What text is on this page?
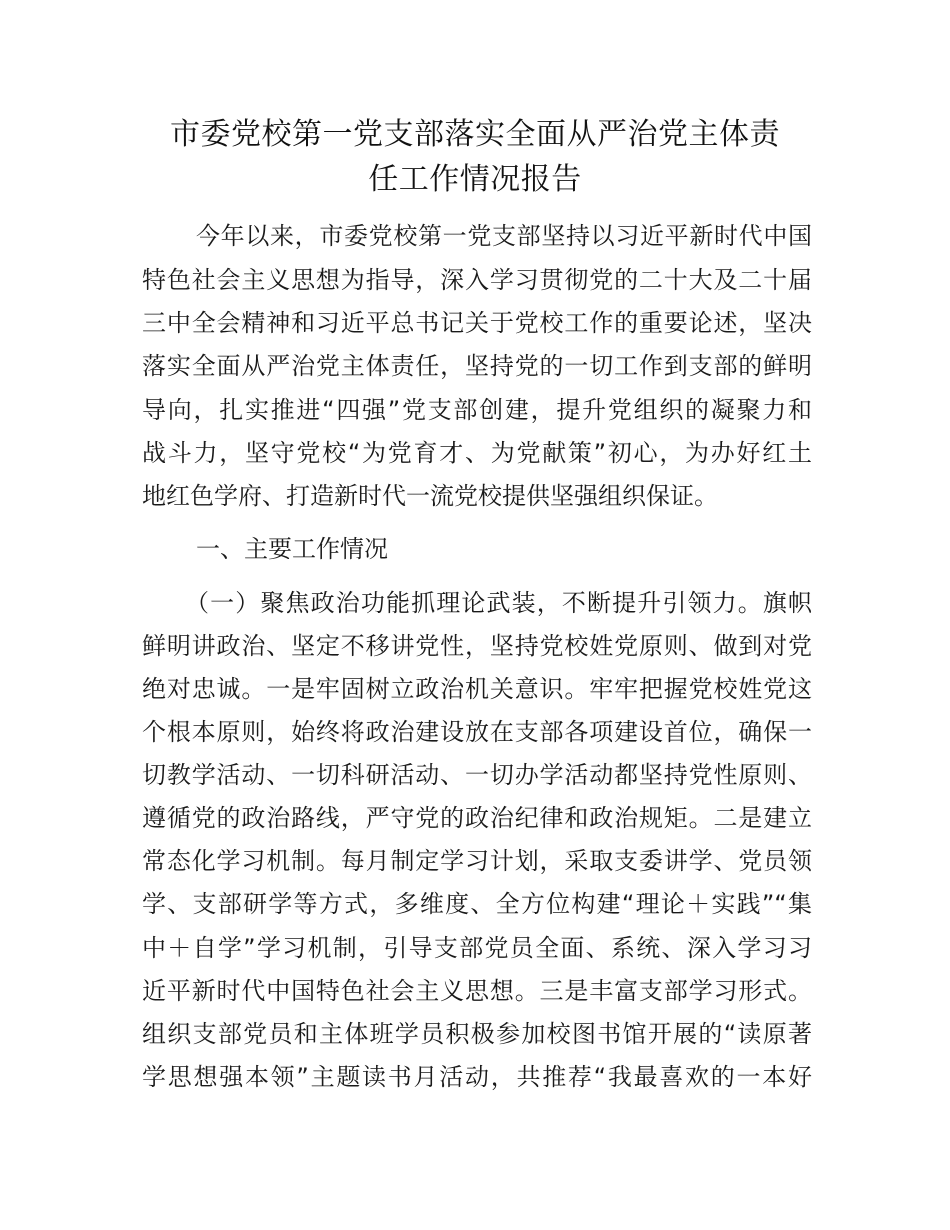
市委党校第一党支部落实全面从严治党主体责
任工作情况报告
今年以来，市委党校第一党支部坚持以习近平新时代中国
特色社会主义思想为指导，深入学习贯彻党的二十大及二十届
三中全会精神和习近平总书记关于党校工作的重要论述，坚决
落实全面从严治党主体责任，坚持党的一切工作到支部的鲜明
导向，扎实推进“四强”党支部创建，提升党组织的凝聚力和
战斗力，坚守党校“为党育才、为党献策”初心，为办好红土
地红色学府、打造新时代一流党校提供坚强组织保证。
一、主要工作情况
（一）聚焦政治功能抓理论武装，不断提升引领力。旗帜
鲜明讲政治、坚定不移讲党性，坚持党校姓党原则、做到对党
绝对忠诚。一是牢固树立政治机关意识。牢牢把握党校姓党这
个根本原则，始终将政治建设放在支部各项建设首位，确保一
切教学活动、一切科研活动、一切办学活动都坚持党性原则、
遵循党的政治路线，严守党的政治纪律和政治规矩。二是建立
常态化学习机制。每月制定学习计划，采取支委讲学、党员领
学、支部研学等方式，多维度、全方位构建“理论＋实践”“集
中＋自学”学习机制，引导支部党员全面、系统、深入学习习
近平新时代中国特色社会主义思想。三是丰富支部学习形式。
组织支部党员和主体班学员积极参加校图书馆开展的“读原著
学思想强本领”主题读书月活动，共推荐“我最喜欢的一本好
